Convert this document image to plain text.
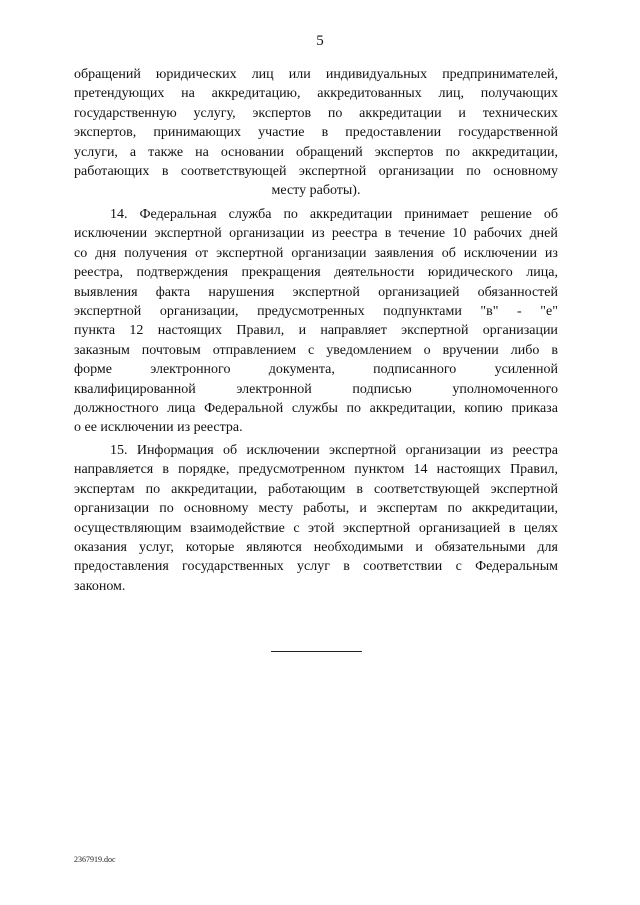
5
обращений юридических лиц или индивидуальных предпринимателей,
претендующих на аккредитацию, аккредитованных лиц, получающих
государственную услугу, экспертов по аккредитации и технических
экспертов, принимающих участие в предоставлении государственной
услуги, а также на основании обращений экспертов по аккредитации,
работающих в соответствующей экспертной организации по основному
месту работы).
14. Федеральная служба по аккредитации принимает решение об
исключении экспертной организации из реестра в течение 10 рабочих дней
со дня получения от экспертной организации заявления об исключении из
реестра, подтверждения прекращения деятельности юридического лица,
выявления факта нарушения экспертной организацией обязанностей
экспертной организации, предусмотренных подпунктами "в" - "е"
пункта 12 настоящих Правил, и направляет экспертной организации
заказным почтовым отправлением с уведомлением о вручении либо в
форме	электронного	документа,	подписанного	усиленной
квалифицированной	электронной	подписью	уполномоченного
должностного лица Федеральной службы по аккредитации, копию приказа
о ее исключении из реестра.
15. Информация об исключении экспертной организации из реестра
направляется в порядке, предусмотренном пунктом 14 настоящих Правил,
экспертам по аккредитации, работающим в соответствующей экспертной
организации по основному месту работы, и экспертам по аккредитации,
осуществляющим взаимодействие с этой экспертной организацией в целях
оказания услуг, которые являются необходимыми и обязательными для
предоставления государственных услуг в соответствии с Федеральным
законом.
2367919.doc
